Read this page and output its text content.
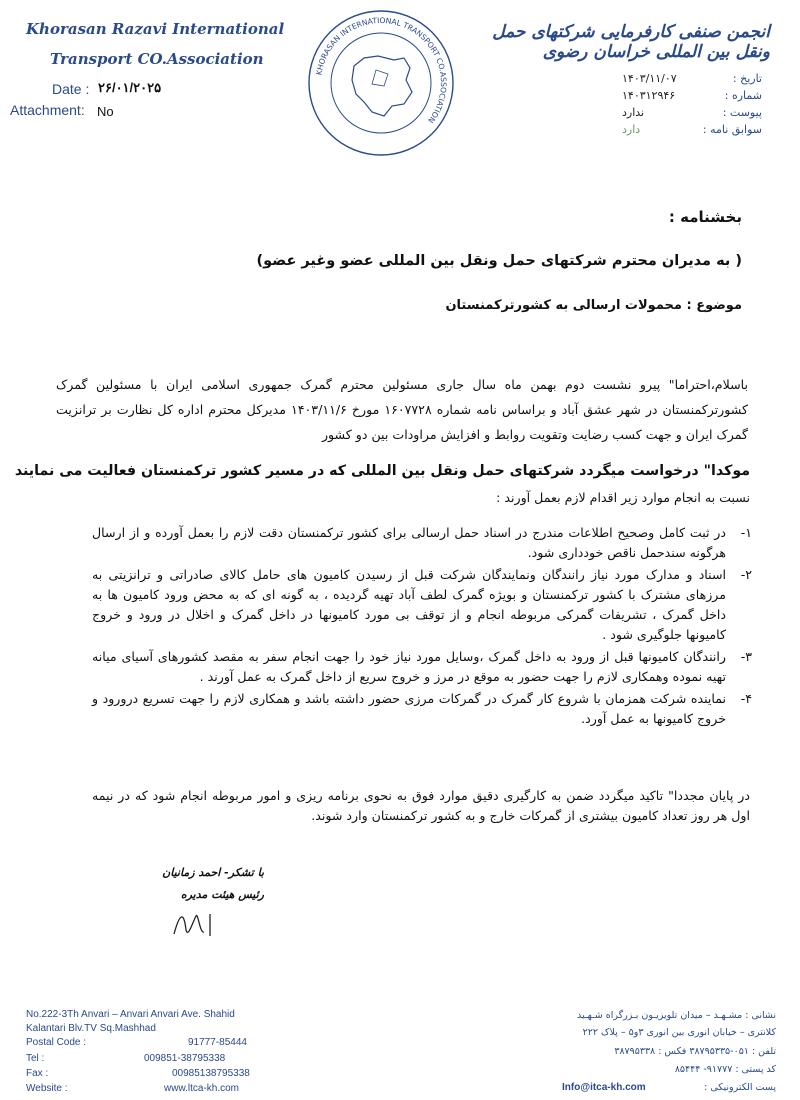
Khorasan Razavi International
Transport CO.Association
Date : ۲۶/۰۱/۲۰۲۵
Attachment: No
KHORASAN INTERNATIONAL TRANSPORT CO.ASSOCIATION
انجمن صنفی کارفرمایی شرکتهای حمل ونقل بین المللی خراسان رضوی
تاریخ :
۱۴۰۳/۱۱/۰۷
شماره :
۱۴۰۳۱۲۹۴۶
پیوست :
ندارد
سوابق نامه :
دارد
بخشنامه :
( به مدیران محترم شرکتهای حمل ونقل بین المللی عضو وغیر عضو)
موضوع : محمولات ارسالی به کشورترکمنستان
باسلام،احتراما" پیرو نشست دوم بهمن ماه سال جاری مسئولین محترم گمرک جمهوری اسلامی ایران با مسئولین گمرک کشورترکمنستان در شهر عشق آباد و براساس نامه شماره ۱۶۰۷۷۲۸ مورخ ۱۴۰۳/۱۱/۶ مدیرکل محترم اداره کل نظارت بر ترانزیت گمرک ایران و جهت کسب رضایت وتقویت روابط و افزایش مراودات بین دو کشور
موکدا" درخواست میگردد شرکتهای حمل ونقل بین المللی که در مسیر کشور ترکمنستان فعالیت می نمایند
نسبت به انجام موارد زیر اقدام لازم بعمل آورند :
۱-
در ثبت کامل وصحیح اطلاعات مندرج در اسناد حمل ارسالی برای کشور ترکمنستان دقت لازم را بعمل آورده و از ارسال هرگونه سندحمل ناقص خودداری شود.
۲-
اسناد و مدارک مورد نیاز رانندگان ونمایندگان شرکت قبل از رسیدن کامیون های حامل کالای صادراتی و ترانزیتی به مرزهای مشترک با کشور ترکمنستان و بویژه گمرک لطف آباد تهیه گردیده ، به گونه ای که به محض ورود کامیون ها به داخل گمرک ، تشریفات گمرکی مربوطه انجام و از توقف بی مورد کامیونها در داخل گمرک و اخلال در ورود و خروج کامیونها جلوگیری شود .
۳-
رانندگان کامیونها قبل از ورود به داخل گمرک ،وسایل مورد نیاز خود را جهت انجام سفر به مقصد کشورهای آسیای میانه تهیه نموده وهمکاری لازم را جهت حضور به موقع در مرز و خروج سریع از داخل گمرک به عمل آورند .
۴-
نماینده شرکت همزمان با شروع کار گمرک در گمرکات مرزی حضور داشته باشد و همکاری لازم را جهت تسریع درورود و خروج کامیونها به عمل آورد.
در پایان مجددا" تاکید میگردد ضمن به کارگیری دقیق موارد فوق به نحوی برنامه ریزی و امور مربوطه انجام شود که در نیمه اول هر روز تعداد کامیون بیشتری از گمرکات خارج و به کشور ترکمنستان وارد شوند.
با تشکر- احمد زمانیان
رئیس هیئت مدیره
No.222-3Th Anvari – Anvari Anvari Ave. Shahid
Kalantari Blv.TV Sq.Mashhad
Postal Code :	91777-85444
Tel :	009851-38795338
Fax :	00985138795338
Website :	www.ltca-kh.com
نشانی : مشـهـد – میدان تلویزیـون بـزرگراه شـهـید
کلانتری – خیابان انوری بین انوری ۳و۵ – پلاک ۲۲۲
تلفن : ۰۵۱-۳۸۷۹۵۳۳۵ فکس : ۳۸۷۹۵۳۳۸
کد پستی : ۹۱۷۷۷- ۸۵۴۴۴
پست الکترونیکی :
Info@itca-kh.com
